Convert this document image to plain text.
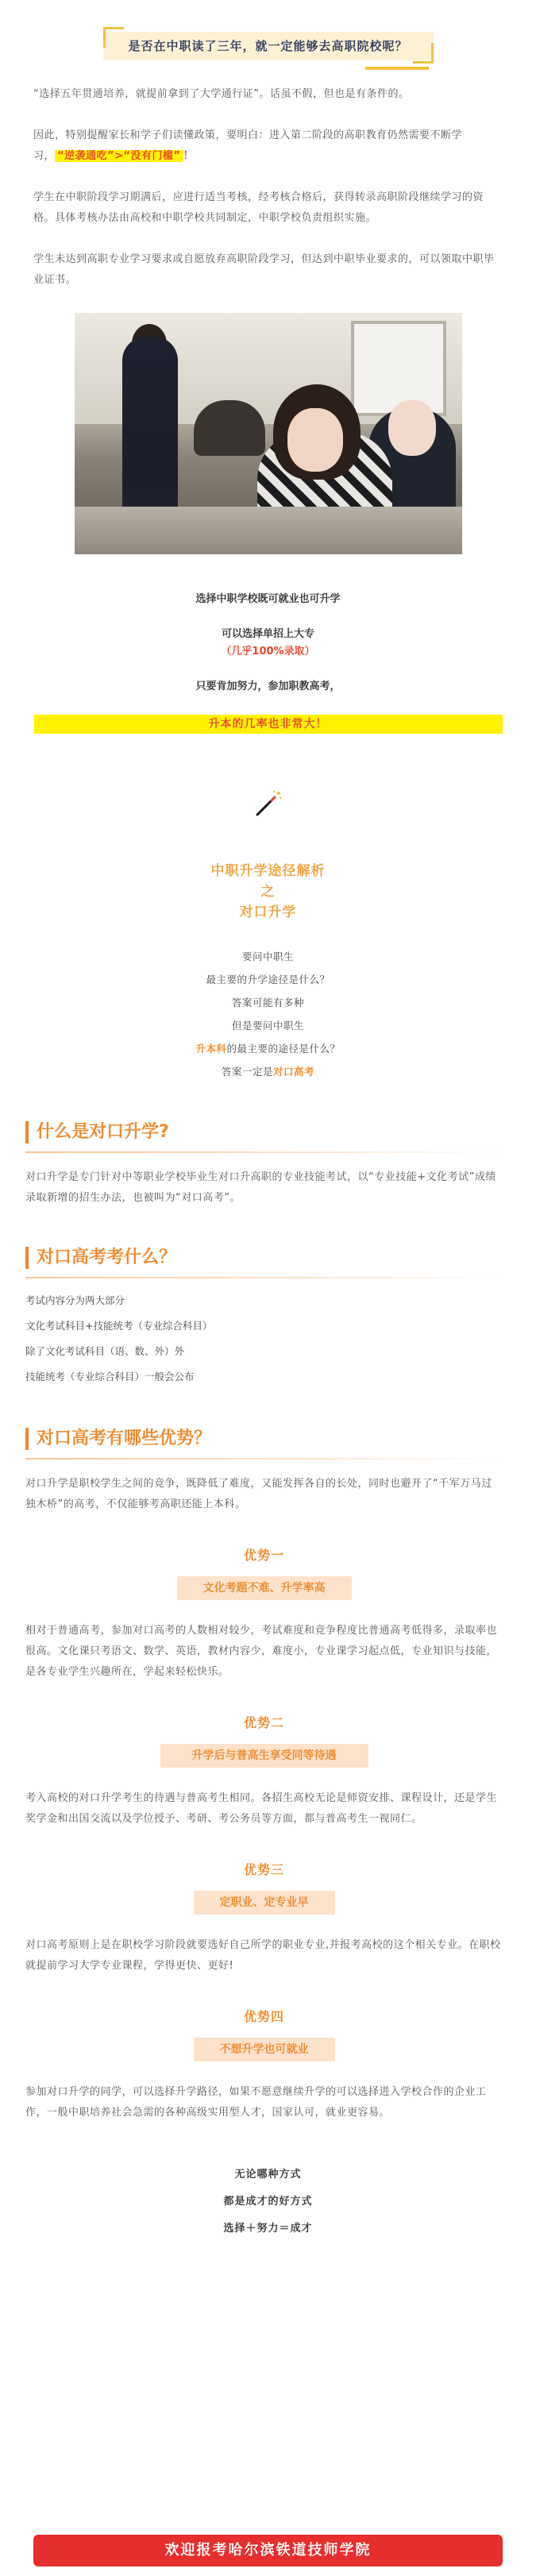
是否在中职读了三年，就一定能够去高职院校呢？

“选择五年贯通培养，就提前拿到了大学通行证”。话虽不假，但也是有条件的。

因此，特别提醒家长和学子们读懂政策，要明白：进入第二阶段的高职教育仍然需要不断学习， “逆袭通吃”>“没有门槛” ！

学生在中职阶段学习期满后，应进行适当考核，经考核合格后，获得转录高职阶段继续学习的资格。具体考核办法由高校和中职学校共同制定，中职学校负责组织实施。

学生未达到高职专业学习要求或自愿放弃高职阶段学习，但达到中职毕业要求的，可以领取中职毕业证书。

选择中职学校既可就业也可升学

可以选择单招上大专

（几乎100%录取）

只要肯加努力，参加职教高考，

升本的几率也非常大！

中职升学途径解析

之

对口升学

要问中职生

最主要的升学途径是什么？

答案可能有多种

但是要问中职生

升本科的最主要的途径是什么？

答案一定是对口高考

什么是对口升学?

对口升学是专门针对中等职业学校毕业生对口升高职的专业技能考试，以“专业技能+文化考试”成绩录取新增的招生办法，也被叫为“对口高考”。

对口高考考什么？

考试内容分为两大部分

文化考试科目+技能统考（专业综合科目）

除了文化考试科目（语、数、外）外

技能统考（专业综合科目）一般会公布

对口高考有哪些优势？

对口升学是职校学生之间的竞争，既降低了难度，又能发挥各自的长处，同时也避开了“千军万马过独木桥”的高考，不仅能够考高职还能上本科。

优势一
文化考题不难、升学率高

相对于普通高考，参加对口高考的人数相对较少，考试难度和竞争程度比普通高考低得多，录取率也很高。文化课只考语文、数学、英语，教材内容少，难度小，专业课学习起点低，专业知识与技能，是各专业学生兴趣所在，学起来轻松快乐。

优势二
升学后与普高生享受同等待遇

考入高校的对口升学考生的待遇与普高考生相同。各招生高校无论是师资安排、课程设计，还是学生奖学金和出国交流以及学位授予、考研、考公务员等方面，都与普高考生一视同仁。

优势三
定职业、定专业早

对口高考原则上是在职校学习阶段就要选好自己所学的职业专业,并报考高校的这个相关专业。在职校就提前学习大学专业课程，学得更快、更好!

优势四
不想升学也可就业

参加对口升学的同学，可以选择升学路径，如果不愿意继续升学的可以选择进入学校合作的企业工作，一般中职培养社会急需的各种高级实用型人才，国家认可，就业更容易。

无论哪种方式

都是成才的好方式

选择＋努力＝成才

欢迎报考哈尔滨铁道技师学院
